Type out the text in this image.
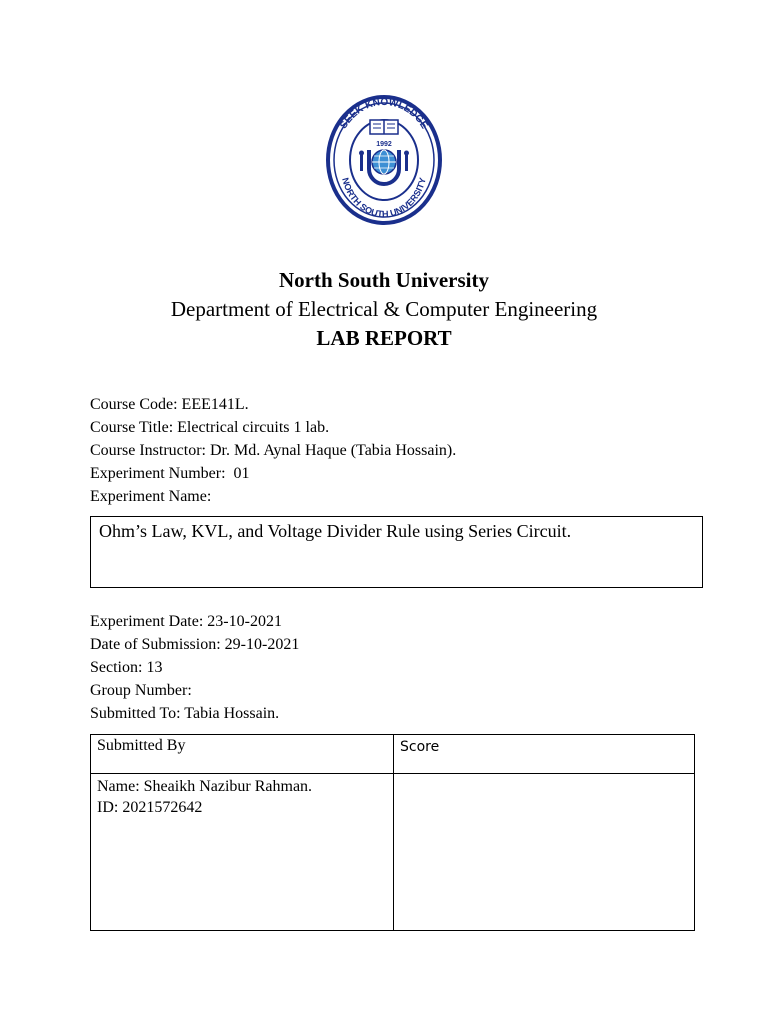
SEEK KNOWLEDGE
NORTH SOUTH UNIVERSITY
1992
North South University
Department of Electrical & Computer Engineering
LAB REPORT
Course Code: EEE141L.
Course Title: Electrical circuits 1 lab.
Course Instructor: Dr. Md. Aynal Haque (Tabia Hossain).
Experiment Number:  01
Experiment Name:
Ohm’s Law, KVL, and Voltage Divider Rule using Series Circuit.
Experiment Date: 23-10-2021
Date of Submission: 29-10-2021
Section: 13
Group Number:
Submitted To: Tabia Hossain.
Submitted By	Score

Name: Sheaikh Nazibur Rahman.
ID: 2021572642	
